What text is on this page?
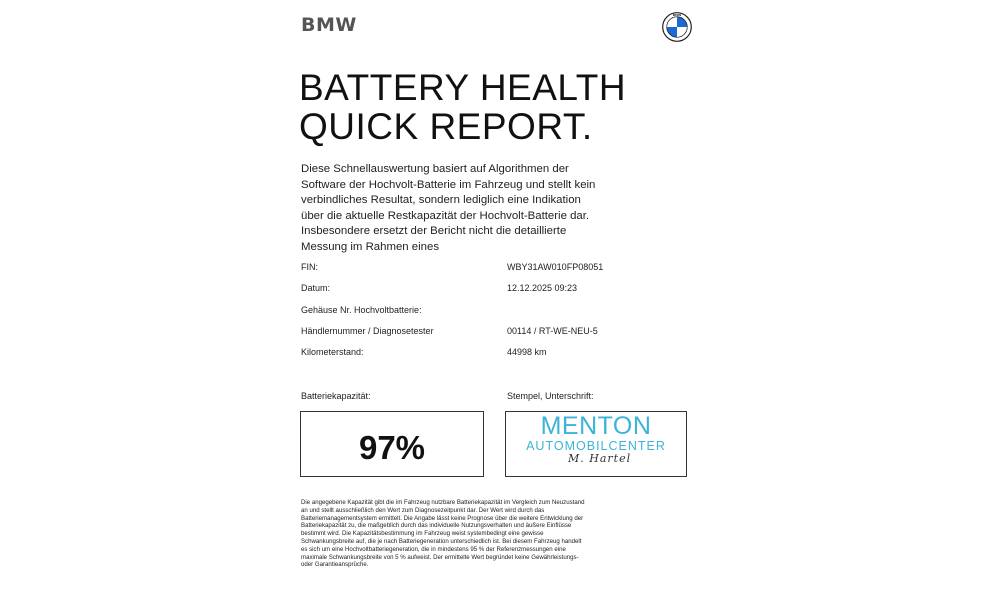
BMW	BMW
BATTERY HEALTH
QUICK REPORT.
Diese Schnellauswertung basiert auf Algorithmen der Software der Hochvolt-Batterie im Fahrzeug und stellt kein verbindliches Resultat, sondern lediglich eine Indikation über die aktuelle Restkapazität der Hochvolt-Batterie dar. Insbesondere ersetzt der Bericht nicht die detaillierte Messung im Rahmen eines
FIN:	WBY31AW010FP08051
Datum:	12.12.2025 09:23
Gehäuse Nr. Hochvoltbatterie:
Händlernummer / Diagnosetester	00114 / RT-WE-NEU-5
Kilometerstand:	44998 km
Batteriekapazität:	Stempel, Unterschrift:
97%
MENTON
AUTOMOBILCENTER
M. Hartel
Die angegebene Kapazität gibt die im Fahrzeug nutzbare Batteriekapazität im Vergleich zum Neuzustand an und stellt ausschließlich den Wert zum Diagnosezeitpunkt dar. Der Wert wird durch das Batteriemanagementsystem ermittelt. Die Angabe lässt keine Prognose über die weitere Entwicklung der Batteriekapazität zu, die maßgeblich durch das individuelle Nutzungsverhalten und äußere Einflüsse bestimmt wird. Die Kapazitätsbestimmung im Fahrzeug weist systembedingt eine gewisse Schwankungsbreite auf, die je nach Batteriegeneration unterschiedlich ist. Bei diesem Fahrzeug handelt es sich um eine Hochvoltbatteriegeneration, die in mindestens 95 % der Referenzmessungen eine maximale Schwankungsbreite von 5 % aufweist. Der ermittelte Wert begründet keine Gewährleistungs- oder Garantieansprüche.
